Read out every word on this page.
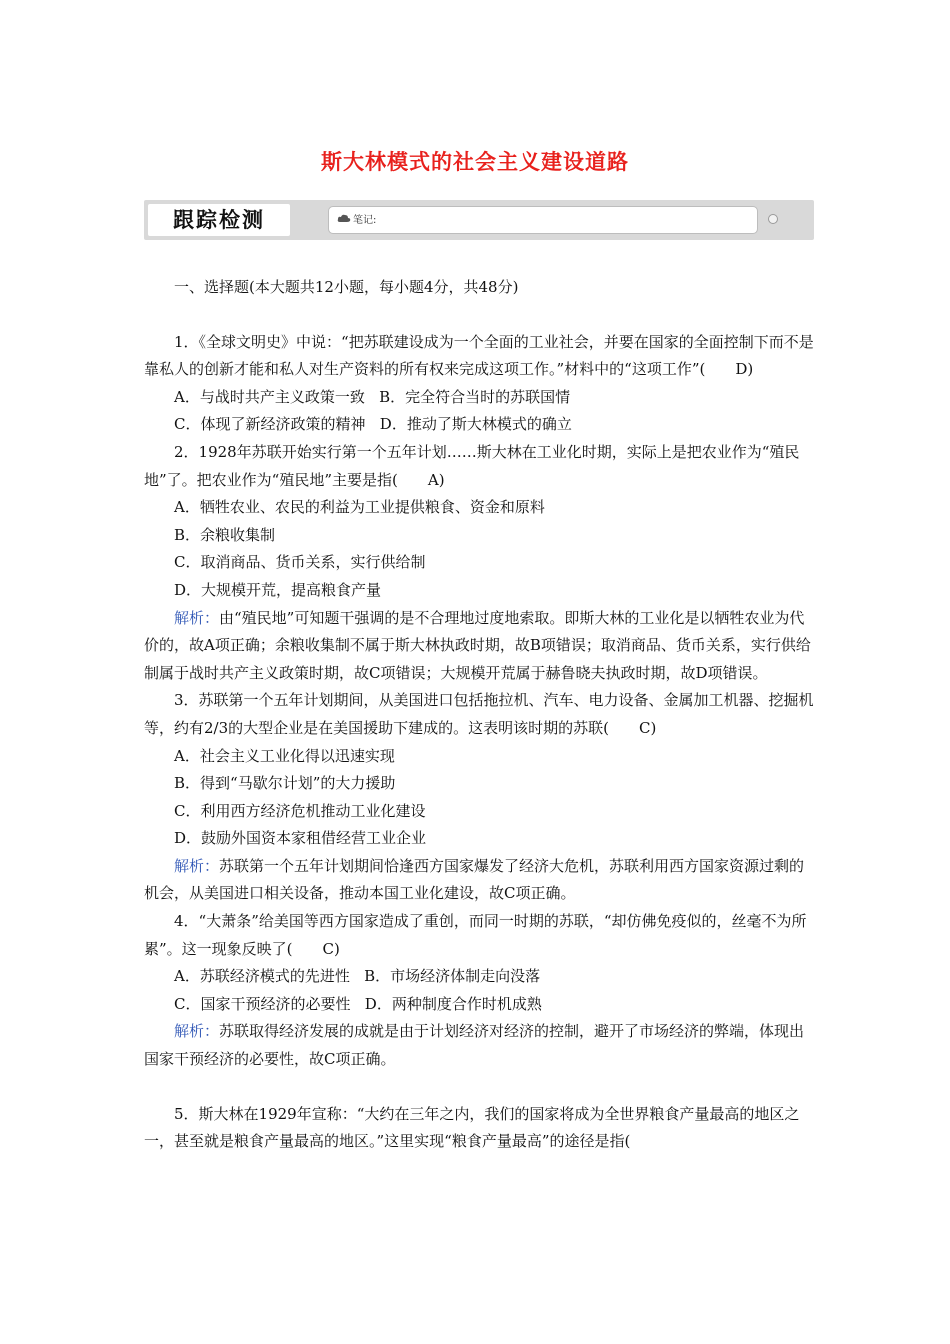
斯大林模式的社会主义建设道路
跟踪检测	笔记:

一、选择题(本大题共12小题，每小题4分，共48分)

1．《全球文明史》中说：“把苏联建设成为一个全面的工业社会，并要在国家的全面控制下而不是靠私人的创新才能和私人对生产资料的所有权来完成这项工作。”材料中的“这项工作”( D)

A．与战时共产主义政策一致 B．完全符合当时的苏联国情

C．体现了新经济政策的精神 D．推动了斯大林模式的确立

2．1928年苏联开始实行第一个五年计划……斯大林在工业化时期，实际上是把农业作为“殖民地”了。把农业作为“殖民地”主要是指( A)

A．牺牲农业、农民的利益为工业提供粮食、资金和原料

B．余粮收集制

C．取消商品、货币关系，实行供给制

D．大规模开荒，提高粮食产量

解析：由“殖民地”可知题干强调的是不合理地过度地索取。即斯大林的工业化是以牺牲农业为代价的，故A项正确；余粮收集制不属于斯大林执政时期，故B项错误；取消商品、货币关系，实行供给制属于战时共产主义政策时期，故C项错误；大规模开荒属于赫鲁晓夫执政时期，故D项错误。

3．苏联第一个五年计划期间，从美国进口包括拖拉机、汽车、电力设备、金属加工机器、挖掘机等，约有2/3的大型企业是在美国援助下建成的。这表明该时期的苏联( C)

A．社会主义工业化得以迅速实现

B．得到“马歇尔计划”的大力援助

C．利用西方经济危机推动工业化建设

D．鼓励外国资本家租借经营工业企业

解析：苏联第一个五年计划期间恰逢西方国家爆发了经济大危机，苏联利用西方国家资源过剩的机会，从美国进口相关设备，推动本国工业化建设，故C项正确。

4．“大萧条”给美国等西方国家造成了重创，而同一时期的苏联，“却仿佛免疫似的，丝毫不为所累”。这一现象反映了( C)

A．苏联经济模式的先进性 B．市场经济体制走向没落

C．国家干预经济的必要性 D．两种制度合作时机成熟

解析：苏联取得经济发展的成就是由于计划经济对经济的控制，避开了市场经济的弊端，体现出国家干预经济的必要性，故C项正确。

5．斯大林在1929年宣称：“大约在三年之内，我们的国家将成为全世界粮食产量最高的地区之一，甚至就是粮食产量最高的地区。”这里实现“粮食产量最高”的途径是指(
